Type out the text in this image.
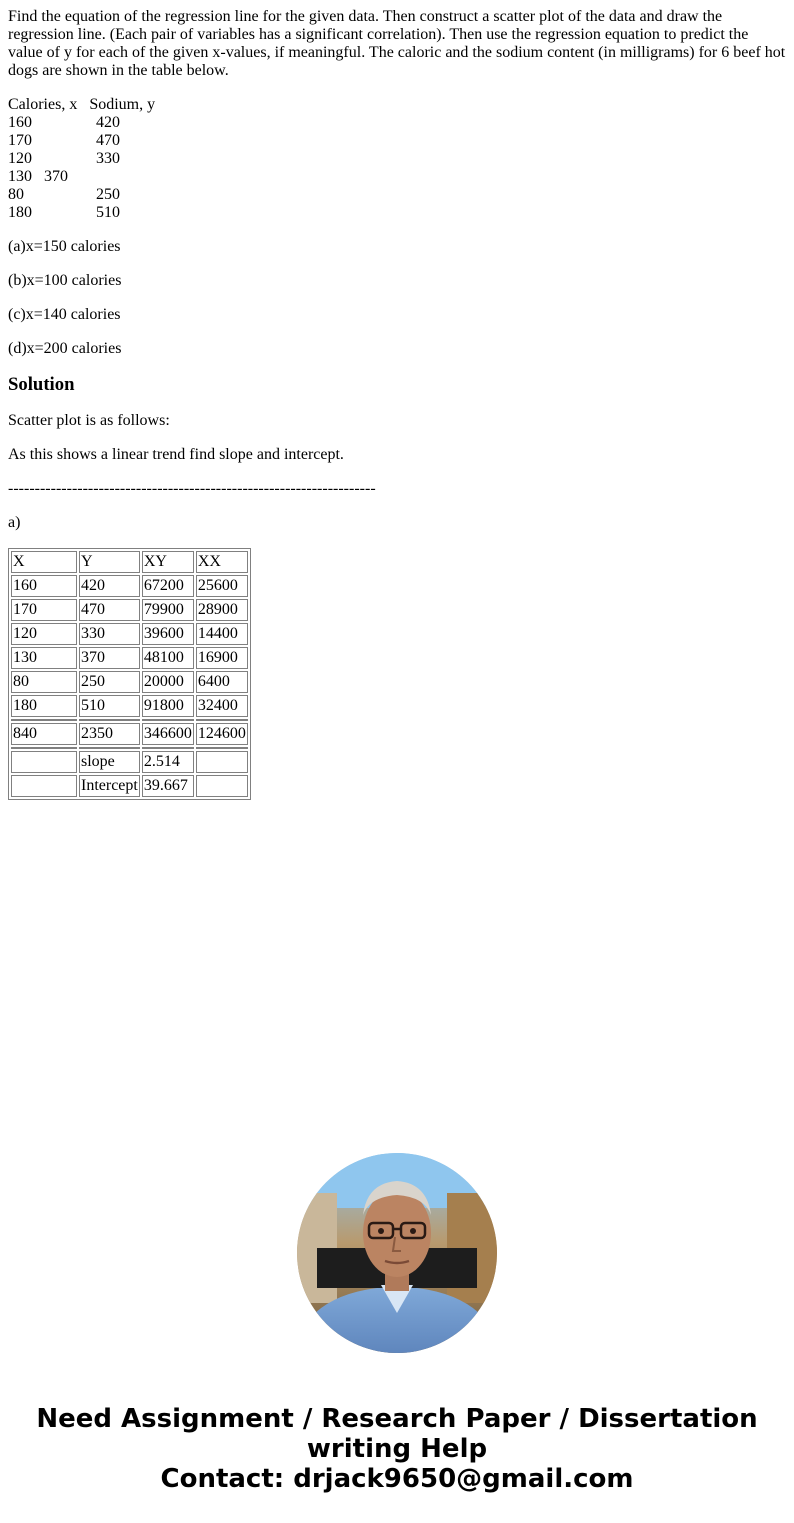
Find the equation of the regression line for the given data. Then construct a scatter plot of the data and draw the regression line. (Each pair of variables has a significant correlation). Then use the regression equation to predict the value of y for each of the given x-values, if meaningful. The caloric and the sodium content (in milligrams) for 6 beef hot dogs are shown in the table below.

Calories, x   Sodium, y
160                420
170                470
120                330
130   370
80                  250
180                510

(a)x=150 calories

(b)x=100 calories

(c)x=140 calories

(d)x=200 calories

Solution

Scatter plot is as follows:

As this shows a linear trend find slope and intercept.

---------------------------------------------------------------------

a)

X	Y	XY	XX
160	420	67200	25600
170	470	79900	28900
120	330	39600	14400
130	370	48100	16900
80	250	20000	6400
180	510	91800	32400

840	2350	346600	124600

	slope	2.514	
	Intercept	39.667	
Need Assignment / Research Paper / Dissertation
writing Help
Contact: drjack9650@gmail.com
